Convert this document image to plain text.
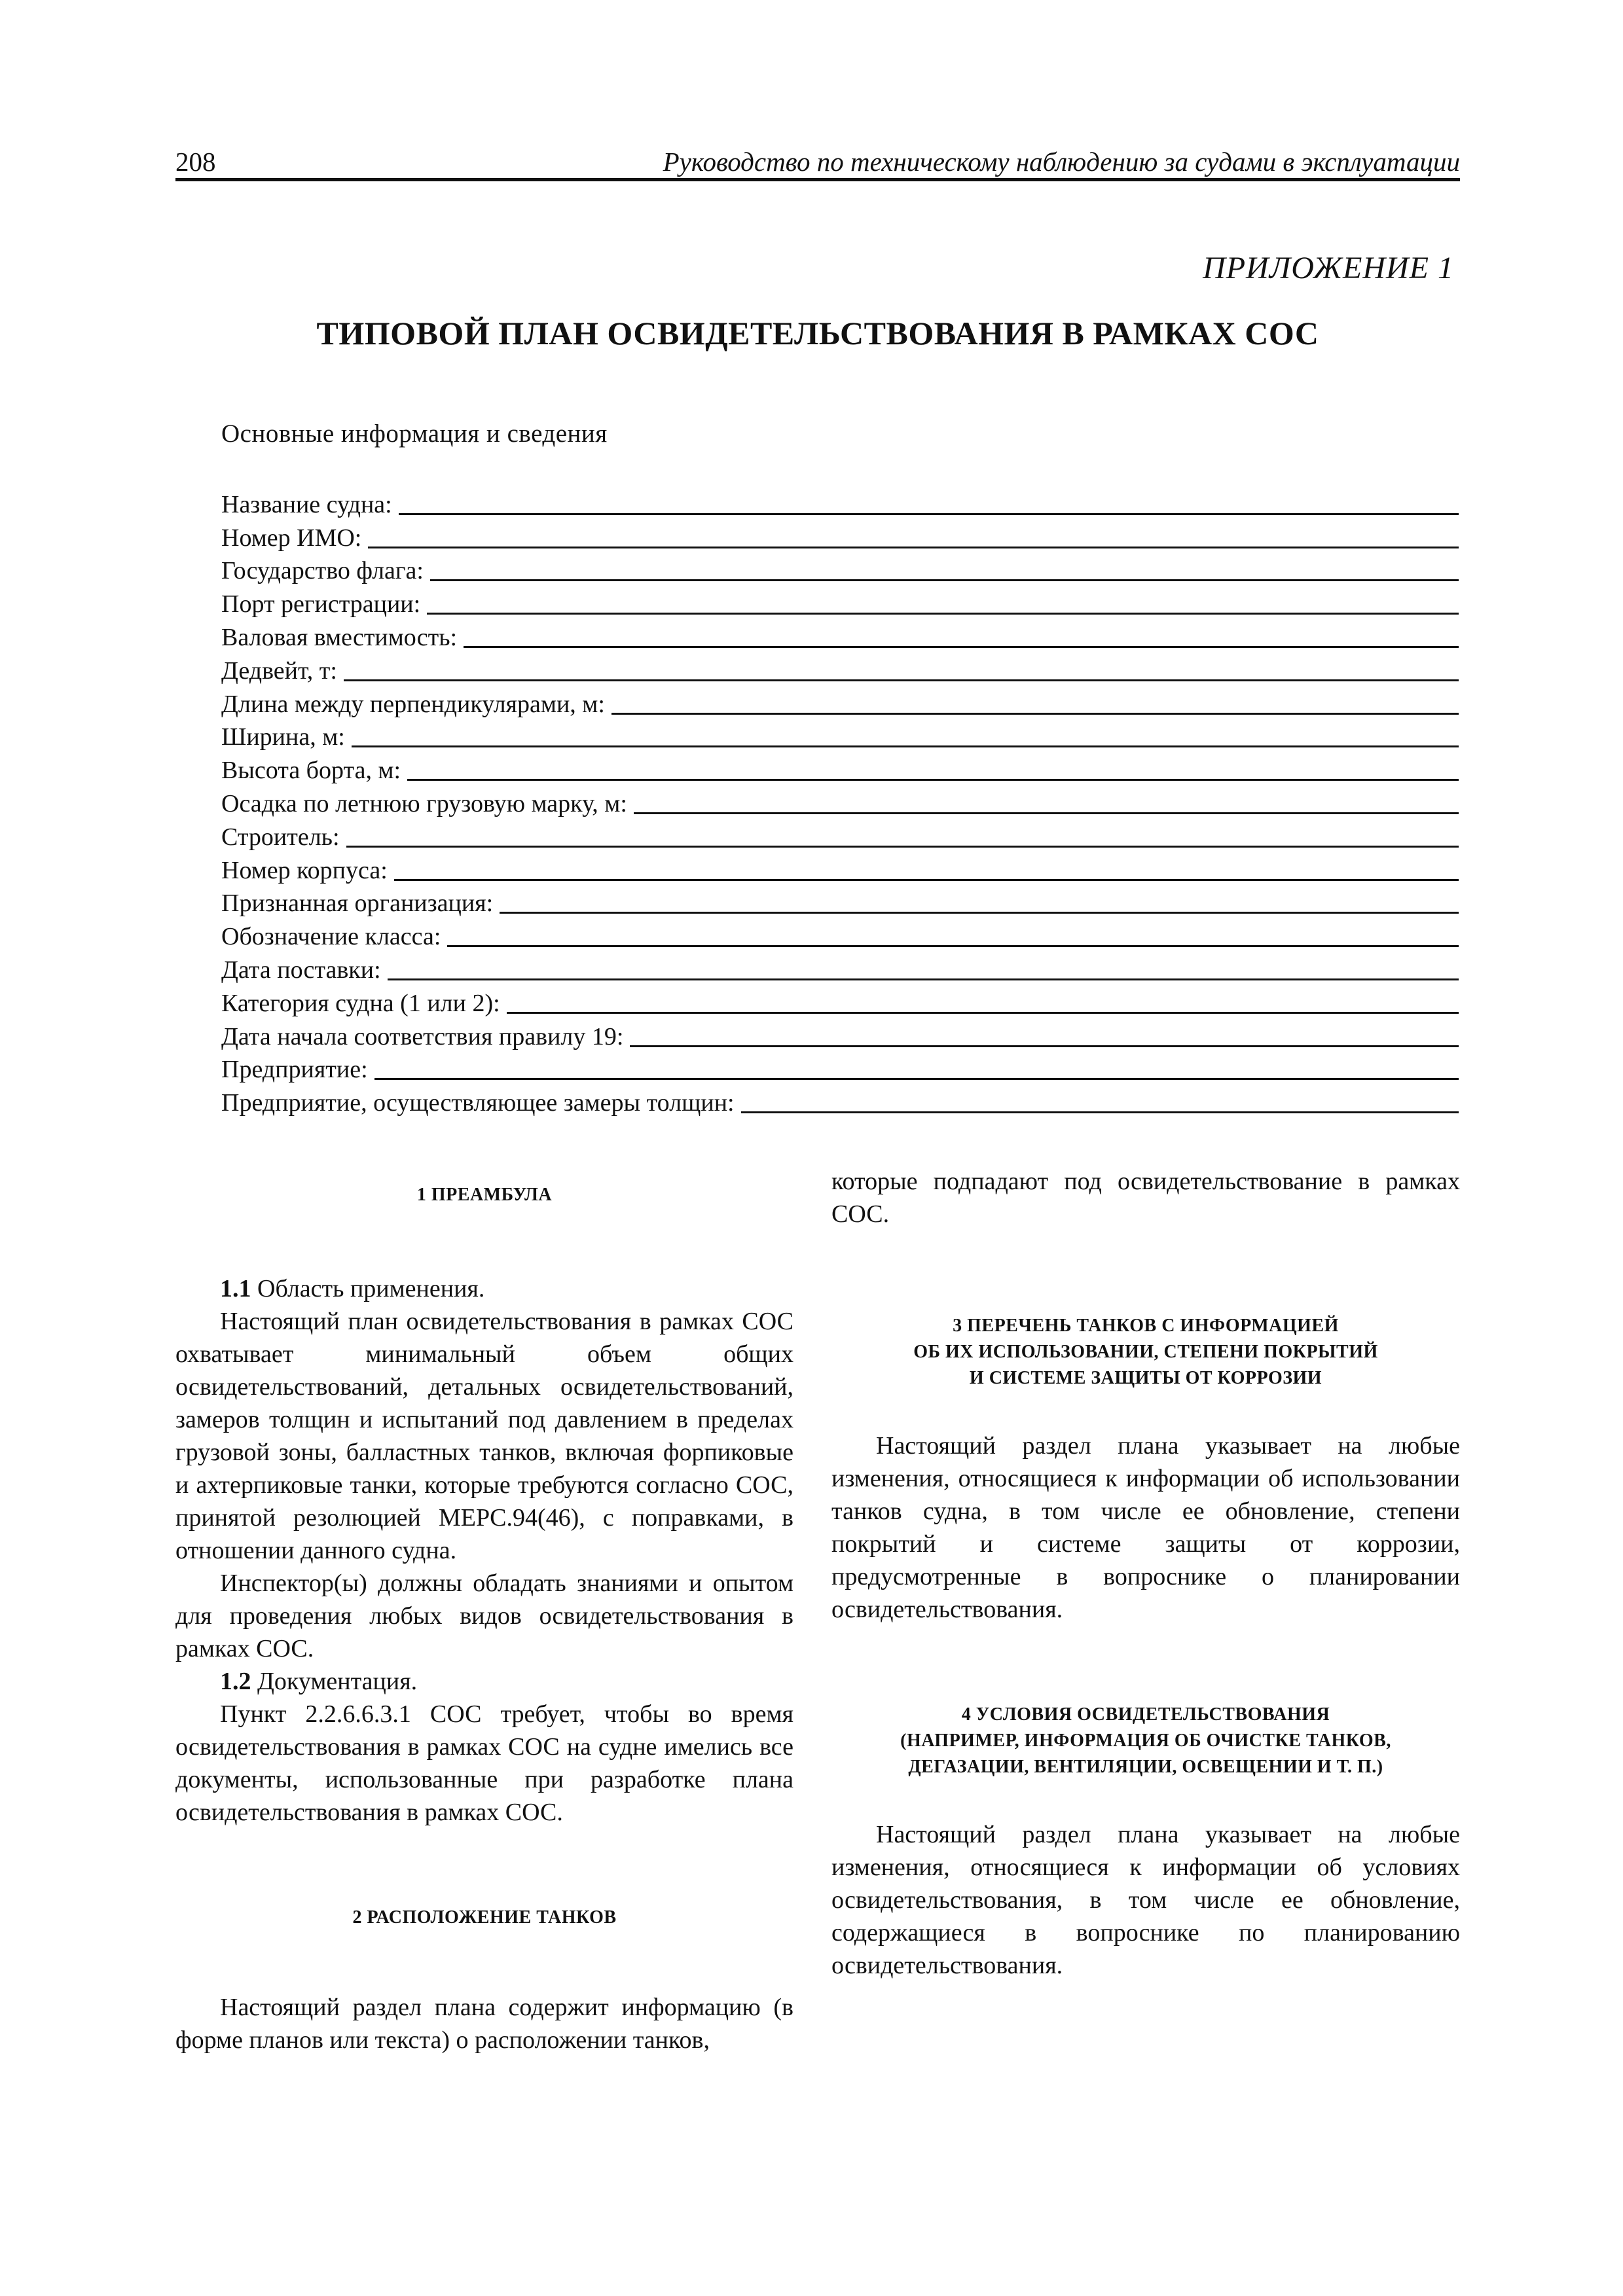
208	Руководство по техническому наблюдению за судами в эксплуатации
ПРИЛОЖЕНИЕ 1
ТИПОВОЙ ПЛАН ОСВИДЕТЕЛЬСТВОВАНИЯ В РАМКАХ СОС
Основные информация и сведения
Название судна:
Номер ИМО:
Государство флага:
Порт регистрации:
Валовая вместимость:
Дедвейт, т:
Длина между перпендикулярами, м:
Ширина, м:
Высота борта, м:
Осадка по летнюю грузовую марку, м:
Строитель:
Номер корпуса:
Признанная организация:
Обозначение класса:
Дата поставки:
Категория судна (1 или 2):
Дата начала соответствия правилу 19:
Предприятие:
Предприятие, осуществляющее замеры толщин:
1 ПРЕАМБУЛА

1.1 Область применения.

Настоящий план освидетельствования в рамках СОС охватывает минимальный объем общих освидетельствований, детальных освидетельствований, замеров толщин и испытаний под давлением в пределах грузовой зоны, балластных танков, включая форпиковые и ахтерпиковые танки, которые требуются согласно СОС, принятой резолюцией MEPC.94(46), с поправками, в отношении данного судна.

Инспектор(ы) должны обладать знаниями и опытом для проведения любых видов освидетельствования в рамках СОС.

1.2 Документация.

Пункт 2.2.6.6.3.1 СОС требует, чтобы во время освидетельствования в рамках СОС на судне имелись все документы, использованные при разработке плана освидетельствования в рамках СОС.

2 РАСПОЛОЖЕНИЕ ТАНКОВ

Настоящий раздел плана содержит информацию (в форме планов или текста) о расположении танков,

которые подпадают под освидетельствование в рамках СОС.

3 ПЕРЕЧЕНЬ ТАНКОВ С ИНФОРМАЦИЕЙ
ОБ ИХ ИСПОЛЬЗОВАНИИ, СТЕПЕНИ ПОКРЫТИЙ
И СИСТЕМЕ ЗАЩИТЫ ОТ КОРРОЗИИ

Настоящий раздел плана указывает на любые изменения, относящиеся к информации об использовании танков судна, в том числе ее обновление, степени покрытий и системе защиты от коррозии, предусмотренные в вопроснике о планировании освидетельствования.

4 УСЛОВИЯ ОСВИДЕТЕЛЬСТВОВАНИЯ
(НАПРИМЕР, ИНФОРМАЦИЯ ОБ ОЧИСТКЕ ТАНКОВ,
ДЕГАЗАЦИИ, ВЕНТИЛЯЦИИ, ОСВЕЩЕНИИ И Т. П.)

Настоящий раздел плана указывает на любые изменения, относящиеся к информации об условиях освидетельствования, в том числе ее обновление, содержащиеся в вопроснике по планированию освидетельствования.
